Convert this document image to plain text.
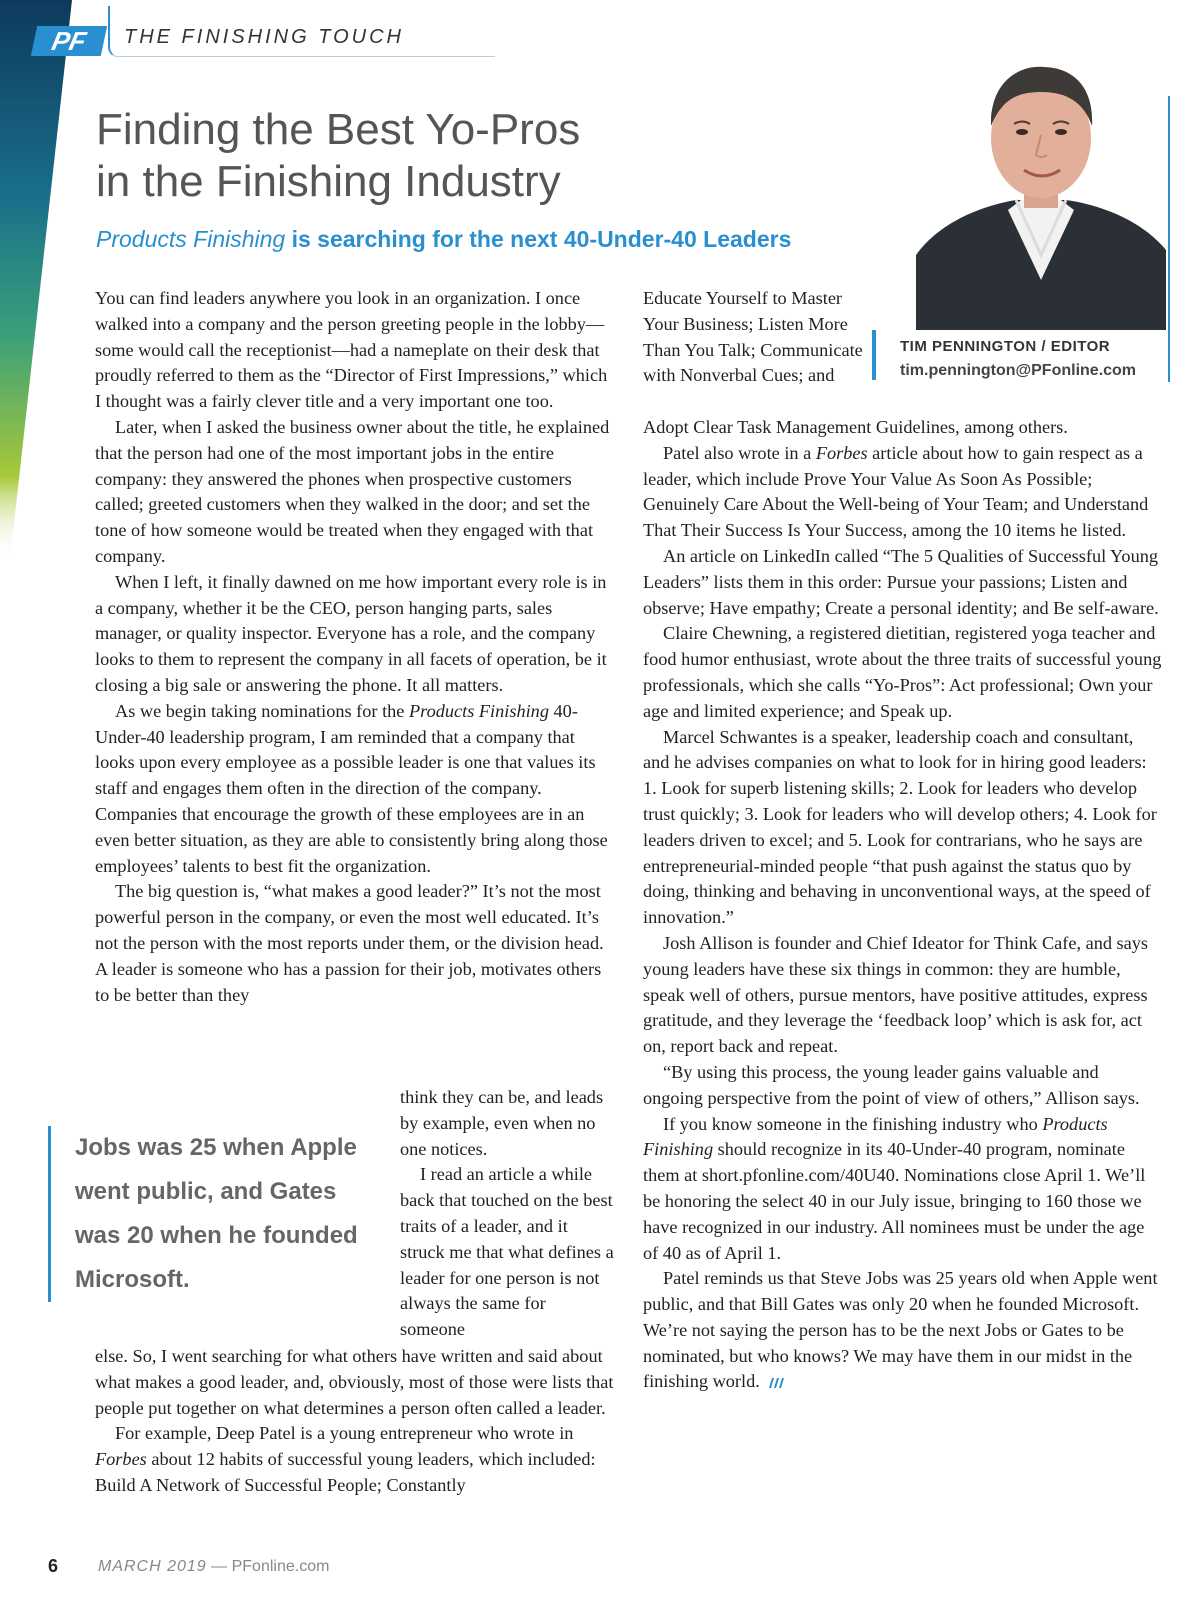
PF	THE FINISHING TOUCH
Finding the Best Yo-Pros
in the Finishing Industry
Products Finishing is searching for the next 40-Under-40 Leaders
TIM PENNINGTON / EDITOR
tim.pennington@PFonline.com

You can find leaders anywhere you look in an organization. I once walked into a company and the person greeting people in the lobby—some would call the receptionist—had a nameplate on their desk that proudly referred to them as the “Director of First Impressions,” which I thought was a fairly clever title and a very important one too.

Later, when I asked the business owner about the title, he explained that the person had one of the most important jobs in the entire company: they answered the phones when prospective customers called; greeted customers when they walked in the door; and set the tone of how someone would be treated when they engaged with that company.

When I left, it finally dawned on me how important every role is in a company, whether it be the CEO, person hanging parts, sales manager, or quality inspector. Everyone has a role, and the company looks to them to represent the company in all facets of operation, be it closing a big sale or answering the phone. It all matters.

As we begin taking nominations for the Products Finishing 40-Under-40 leadership program, I am reminded that a company that looks upon every employee as a possible leader is one that values its staff and engages them often in the direction of the company. Companies that encourage the growth of these employees are in an even better situation, as they are able to consistently bring along those employees’ talents to best fit the organization.

The big question is, “what makes a good leader?” It’s not the most powerful person in the company, or even the most well educated. It’s not the person with the most reports under them, or the division head. A leader is someone who has a passion for their job, motivates others to be better than they

Jobs was 25 when Apple went public, and Gates was 20 when he founded Microsoft.

think they can be, and leads by example, even when no one notices.

I read an article a while back that touched on the best traits of a leader, and it struck me that what defines a leader for one person is not always the same for someone

else. So, I went searching for what others have written and said about what makes a good leader, and, obviously, most of those were lists that people put together on what determines a person often called a leader.

For example, Deep Patel is a young entrepreneur who wrote in Forbes about 12 habits of successful young leaders, which included: Build A Network of Successful People; Constantly

Educate Yourself to Master Your Business; Listen More Than You Talk; Communicate with Nonverbal Cues; and

Adopt Clear Task Management Guidelines, among others.

Patel also wrote in a Forbes article about how to gain respect as a leader, which include Prove Your Value As Soon As Possible; Genuinely Care About the Well-being of Your Team; and Understand That Their Success Is Your Success, among the 10 items he listed.

An article on LinkedIn called “The 5 Qualities of Successful Young Leaders” lists them in this order: Pursue your passions; Listen and observe; Have empathy; Create a personal identity; and Be self-aware.

Claire Chewning, a registered dietitian, registered yoga teacher and food humor enthusiast, wrote about the three traits of successful young professionals, which she calls “Yo-Pros”: Act professional; Own your age and limited experience; and Speak up.

Marcel Schwantes is a speaker, leadership coach and consultant, and he advises companies on what to look for in hiring good leaders: 1. Look for superb listening skills; 2. Look for leaders who develop trust quickly; 3. Look for leaders who will develop others; 4. Look for leaders driven to excel; and 5. Look for contrarians, who he says are entrepreneurial-minded people “that push against the status quo by doing, thinking and behaving in unconventional ways, at the speed of innovation.”

Josh Allison is founder and Chief Ideator for Think Cafe, and says young leaders have these six things in common: they are humble, speak well of others, pursue mentors, have positive attitudes, express gratitude, and they leverage the ‘feedback loop’ which is ask for, act on, report back and repeat.

“By using this process, the young leader gains valuable and ongoing perspective from the point of view of others,” Allison says.

If you know someone in the finishing industry who Products Finishing should recognize in its 40-Under-40 program, nominate them at short.pfonline.com/40U40. Nominations close April 1. We’ll be honoring the select 40 in our July issue, bringing to 160 those we have recognized in our industry. All nominees must be under the age of 40 as of April 1.

Patel reminds us that Steve Jobs was 25 years old when Apple went public, and that Bill Gates was only 20 when he founded Microsoft. We’re not saying the person has to be the next Jobs or Gates to be nominated, but who knows? We may have them in our midst in the finishing world.

6 MARCH 2019 — PFonline.com
